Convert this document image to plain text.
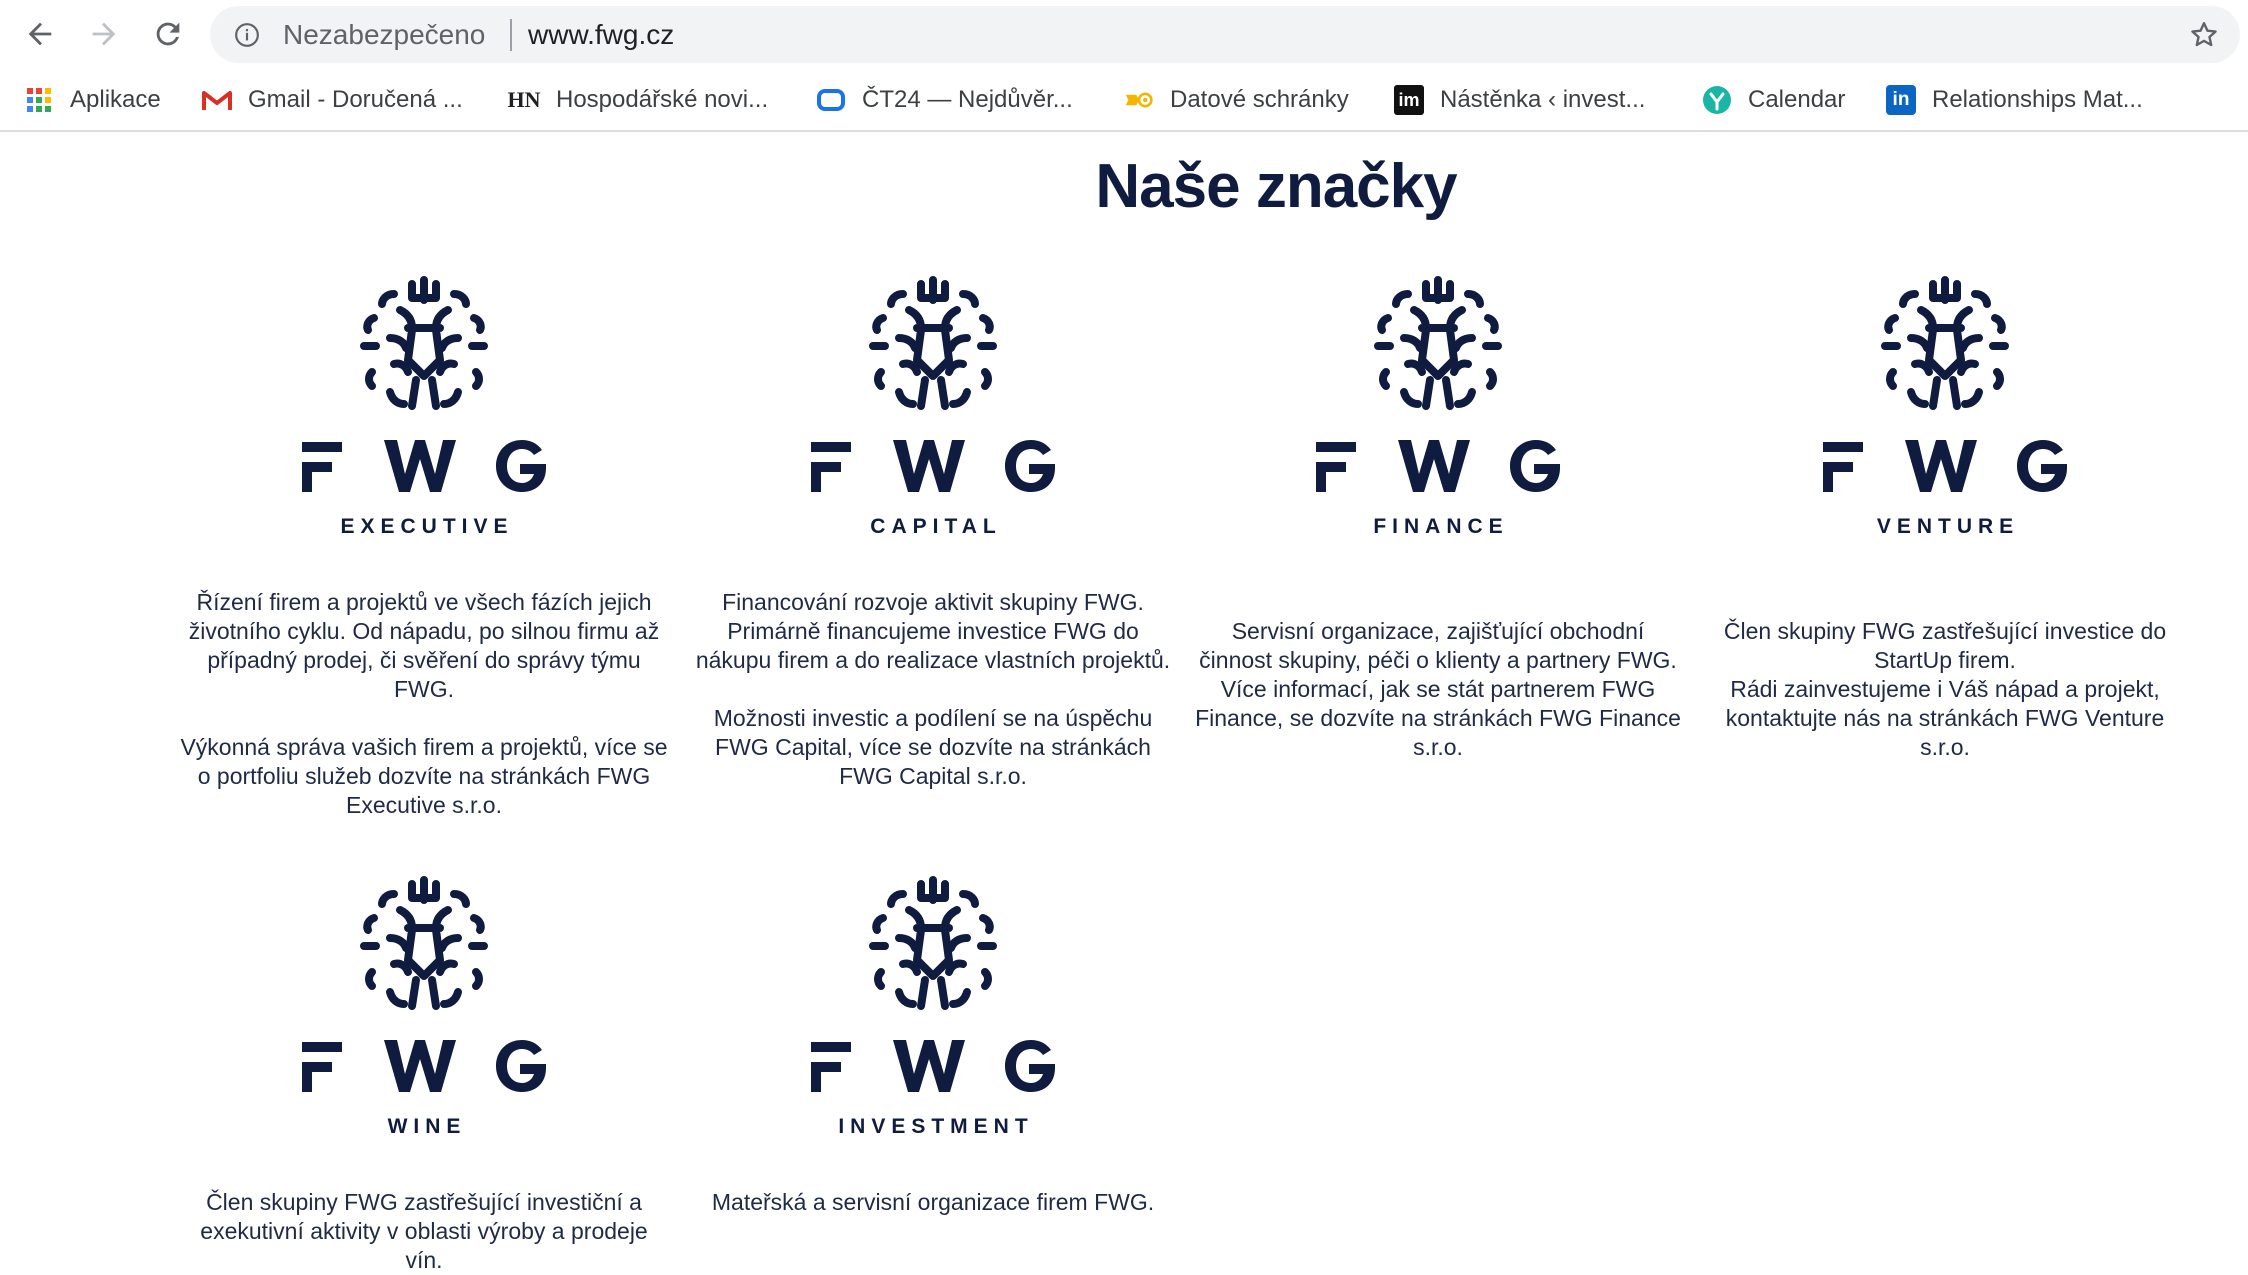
Nezabezpečeno www.fwg.cz
Aplikace	Gmail - Doručená ... HN Hospodářské novi...	ČT24 — Nejdůvěr...	Datové schránky	im Nástěnka ‹ invest...	Calendar	in Relationships Mat...
Naše značky
EXECUTIVE

Řízení firem a projektů ve všech fázích jejich životního cyklu. Od nápadu, po silnou firmu až případný prodej, či svěření do správy týmu FWG.

Výkonná správa vašich firem a projektů, více se o portfoliu služeb dozvíte na stránkách FWG Executive s.r.o.

CAPITAL

Financování rozvoje aktivit skupiny FWG. Primárně financujeme investice FWG do nákupu firem a do realizace vlastních projektů.

Možnosti investic a podílení se na úspěchu FWG Capital, více se dozvíte na stránkách FWG Capital s.r.o.

FINANCE

Servisní organizace, zajišťující obchodní činnost skupiny, péči o klienty a partnery FWG.
Více informací, jak se stát partnerem FWG Finance, se dozvíte na stránkách FWG Finance s.r.o.

VENTURE

Člen skupiny FWG zastřešující investice do StartUp firem.
Rádi zainvestujeme i Váš nápad a projekt, kontaktujte nás na stránkách FWG Venture s.r.o.

WINE

Člen skupiny FWG zastřešující investiční a exekutivní aktivity v oblasti výroby a prodeje vín.

INVESTMENT

Mateřská a servisní organizace firem FWG.
